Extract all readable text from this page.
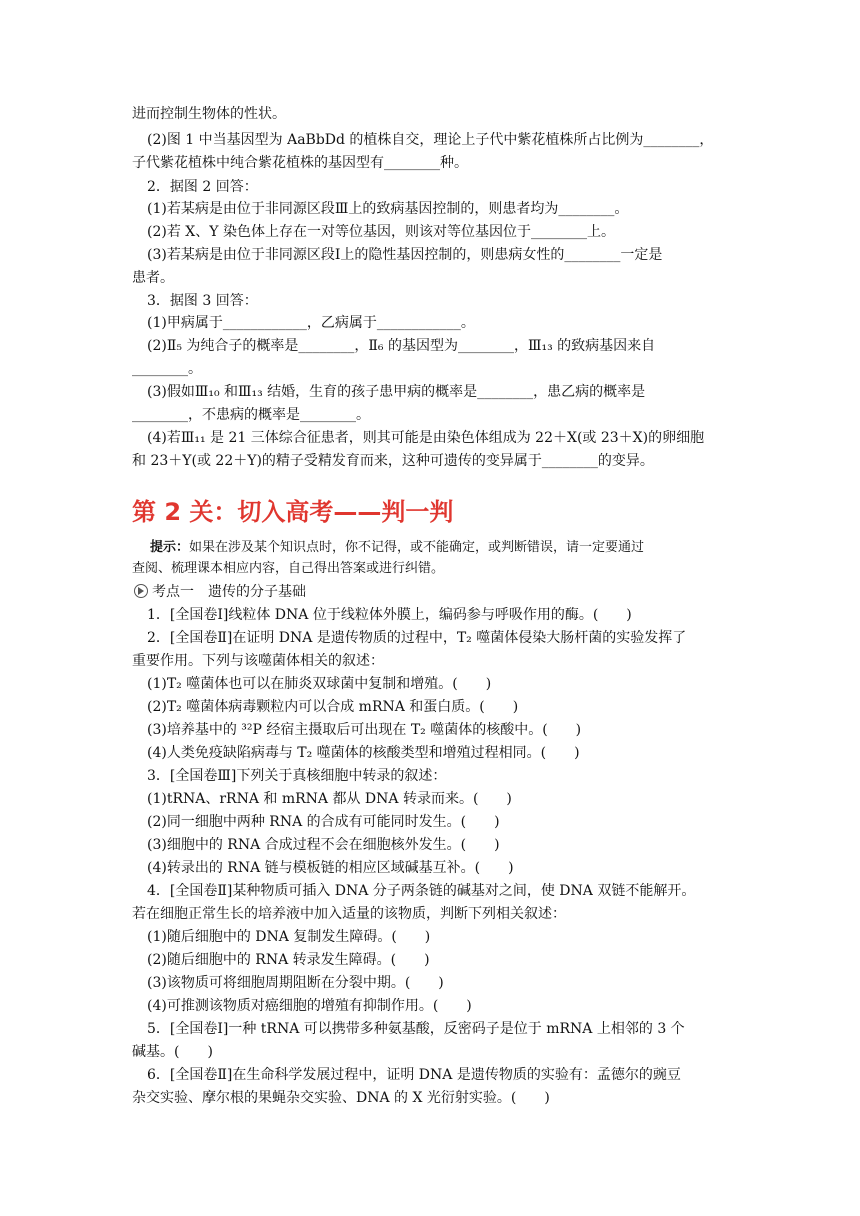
进而控制生物体的性状。
(2)图 1 中当基因型为 AaBbDd 的植株自交，理论上子代中紫花植株所占比例为________，
子代紫花植株中纯合紫花植株的基因型有________种。
2．据图 2 回答：
(1)若某病是由位于非同源区段Ⅲ上的致病基因控制的，则患者均为________。
(2)若 X、Y 染色体上存在一对等位基因，则该对等位基因位于________上。
(3)若某病是由位于非同源区段Ⅰ上的隐性基因控制的，则患病女性的________一定是
患者。
3．据图 3 回答：
(1)甲病属于____________，乙病属于____________。
(2)Ⅱ₅ 为纯合子的概率是________，Ⅱ₆ 的基因型为________，Ⅲ₁₃ 的致病基因来自
________。
(3)假如Ⅲ₁₀ 和Ⅲ₁₃ 结婚，生育的孩子患甲病的概率是________，患乙病的概率是
________，不患病的概率是________。
(4)若Ⅲ₁₁ 是 21 三体综合征患者，则其可能是由染色体组成为 22＋X(或 23＋X)的卵细胞
和 23＋Y(或 22＋Y)的精子受精发育而来，这种可遗传的变异属于________的变异。
第 2 关：切入高考——判一判
提示：如果在涉及某个知识点时，你不记得，或不能确定，或判断错误，请一定要通过
查阅、梳理课本相应内容，自己得出答案或进行纠错。
考点一　遗传的分子基础
1．[全国卷Ⅰ]线粒体 DNA 位于线粒体外膜上，编码参与呼吸作用的酶。(　　)
2．[全国卷Ⅱ]在证明 DNA 是遗传物质的过程中，T₂ 噬菌体侵染大肠杆菌的实验发挥了
重要作用。下列与该噬菌体相关的叙述：
(1)T₂ 噬菌体也可以在肺炎双球菌中复制和增殖。(　　)
(2)T₂ 噬菌体病毒颗粒内可以合成 mRNA 和蛋白质。(　　)
(3)培养基中的 ³²P 经宿主摄取后可出现在 T₂ 噬菌体的核酸中。(　　)
(4)人类免疫缺陷病毒与 T₂ 噬菌体的核酸类型和增殖过程相同。(　　)
3．[全国卷Ⅲ]下列关于真核细胞中转录的叙述：
(1)tRNA、rRNA 和 mRNA 都从 DNA 转录而来。(　　)
(2)同一细胞中两种 RNA 的合成有可能同时发生。(　　)
(3)细胞中的 RNA 合成过程不会在细胞核外发生。(　　)
(4)转录出的 RNA 链与模板链的相应区域碱基互补。(　　)
4．[全国卷Ⅱ]某种物质可插入 DNA 分子两条链的碱基对之间，使 DNA 双链不能解开。
若在细胞正常生长的培养液中加入适量的该物质，判断下列相关叙述：
(1)随后细胞中的 DNA 复制发生障碍。(　　)
(2)随后细胞中的 RNA 转录发生障碍。(　　)
(3)该物质可将细胞周期阻断在分裂中期。(　　)
(4)可推测该物质对癌细胞的增殖有抑制作用。(　　)
5．[全国卷Ⅰ]一种 tRNA 可以携带多种氨基酸，反密码子是位于 mRNA 上相邻的 3 个
碱基。(　　)
6．[全国卷Ⅱ]在生命科学发展过程中，证明 DNA 是遗传物质的实验有：孟德尔的豌豆
杂交实验、摩尔根的果蝇杂交实验、DNA 的 X 光衍射实验。(　　)
